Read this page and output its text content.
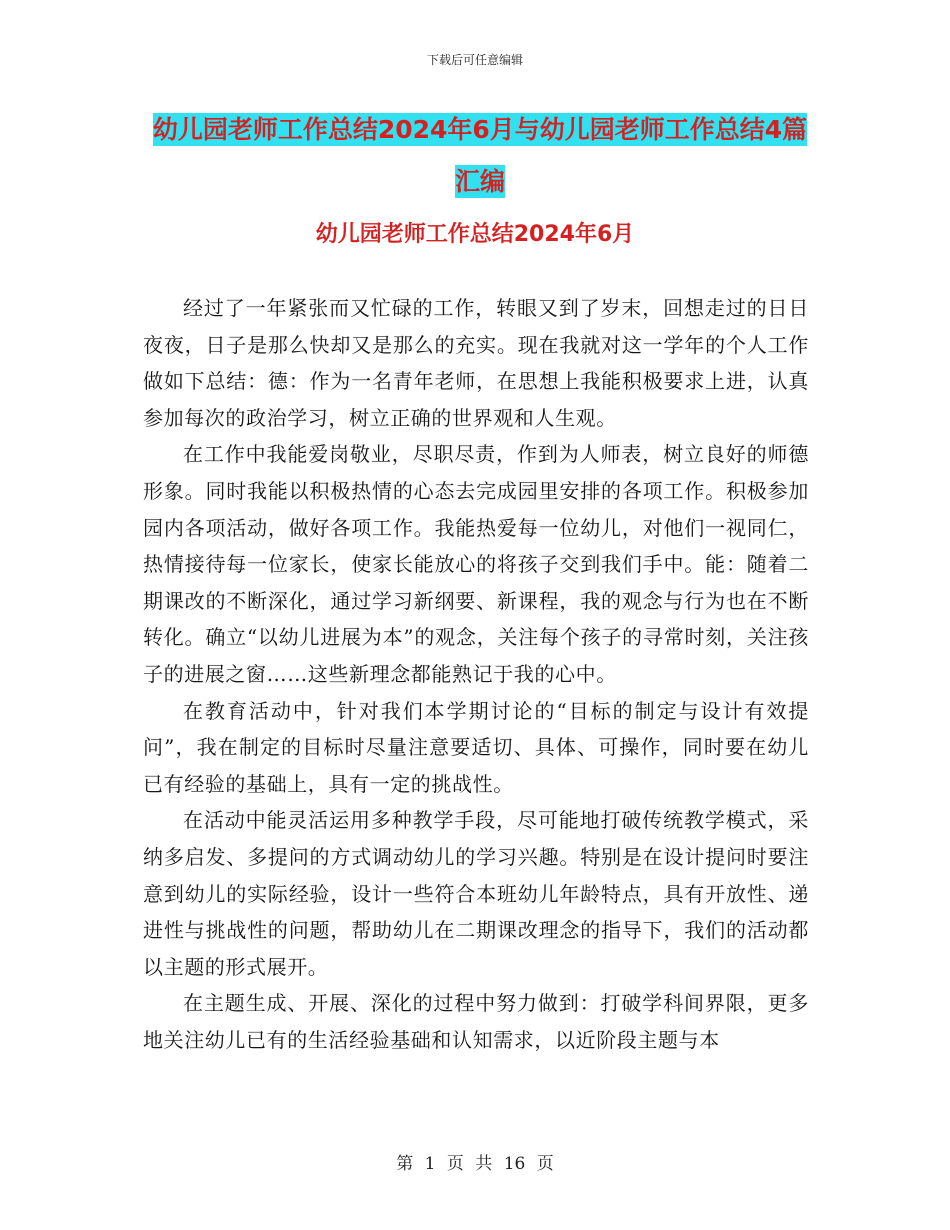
下载后可任意编辑
幼儿园老师工作总结2024年6月与幼儿园老师工作总结4篇汇编
幼儿园老师工作总结2024年6月

经过了一年紧张而又忙碌的工作，转眼又到了岁末，回想走过的日日夜夜，日子是那么快却又是那么的充实。现在我就对这一学年的个人工作做如下总结：德：作为一名青年老师，在思想上我能积极要求上进，认真参加每次的政治学习，树立正确的世界观和人生观。

在工作中我能爱岗敬业，尽职尽责，作到为人师表，树立良好的师德形象。同时我能以积极热情的心态去完成园里安排的各项工作。积极参加园内各项活动，做好各项工作。我能热爱每一位幼儿，对他们一视同仁，热情接待每一位家长，使家长能放心的将孩子交到我们手中。能：随着二期课改的不断深化，通过学习新纲要、新课程，我的观念与行为也在不断转化。确立“以幼儿进展为本”的观念，关注每个孩子的寻常时刻，关注孩子的进展之窗……这些新理念都能熟记于我的心中。

在教育活动中，针对我们本学期讨论的“目标的制定与设计有效提问”，我在制定的目标时尽量注意要适切、具体、可操作，同时要在幼儿已有经验的基础上，具有一定的挑战性。

在活动中能灵活运用多种教学手段，尽可能地打破传统教学模式，采纳多启发、多提问的方式调动幼儿的学习兴趣。特别是在设计提问时要注意到幼儿的实际经验，设计一些符合本班幼儿年龄特点，具有开放性、递进性与挑战性的问题，帮助幼儿在二期课改理念的指导下，我们的活动都以主题的形式展开。

在主题生成、开展、深化的过程中努力做到：打破学科间界限，更多地关注幼儿已有的生活经验基础和认知需求，以近阶段主题与本

第 1 页 共 16 页
